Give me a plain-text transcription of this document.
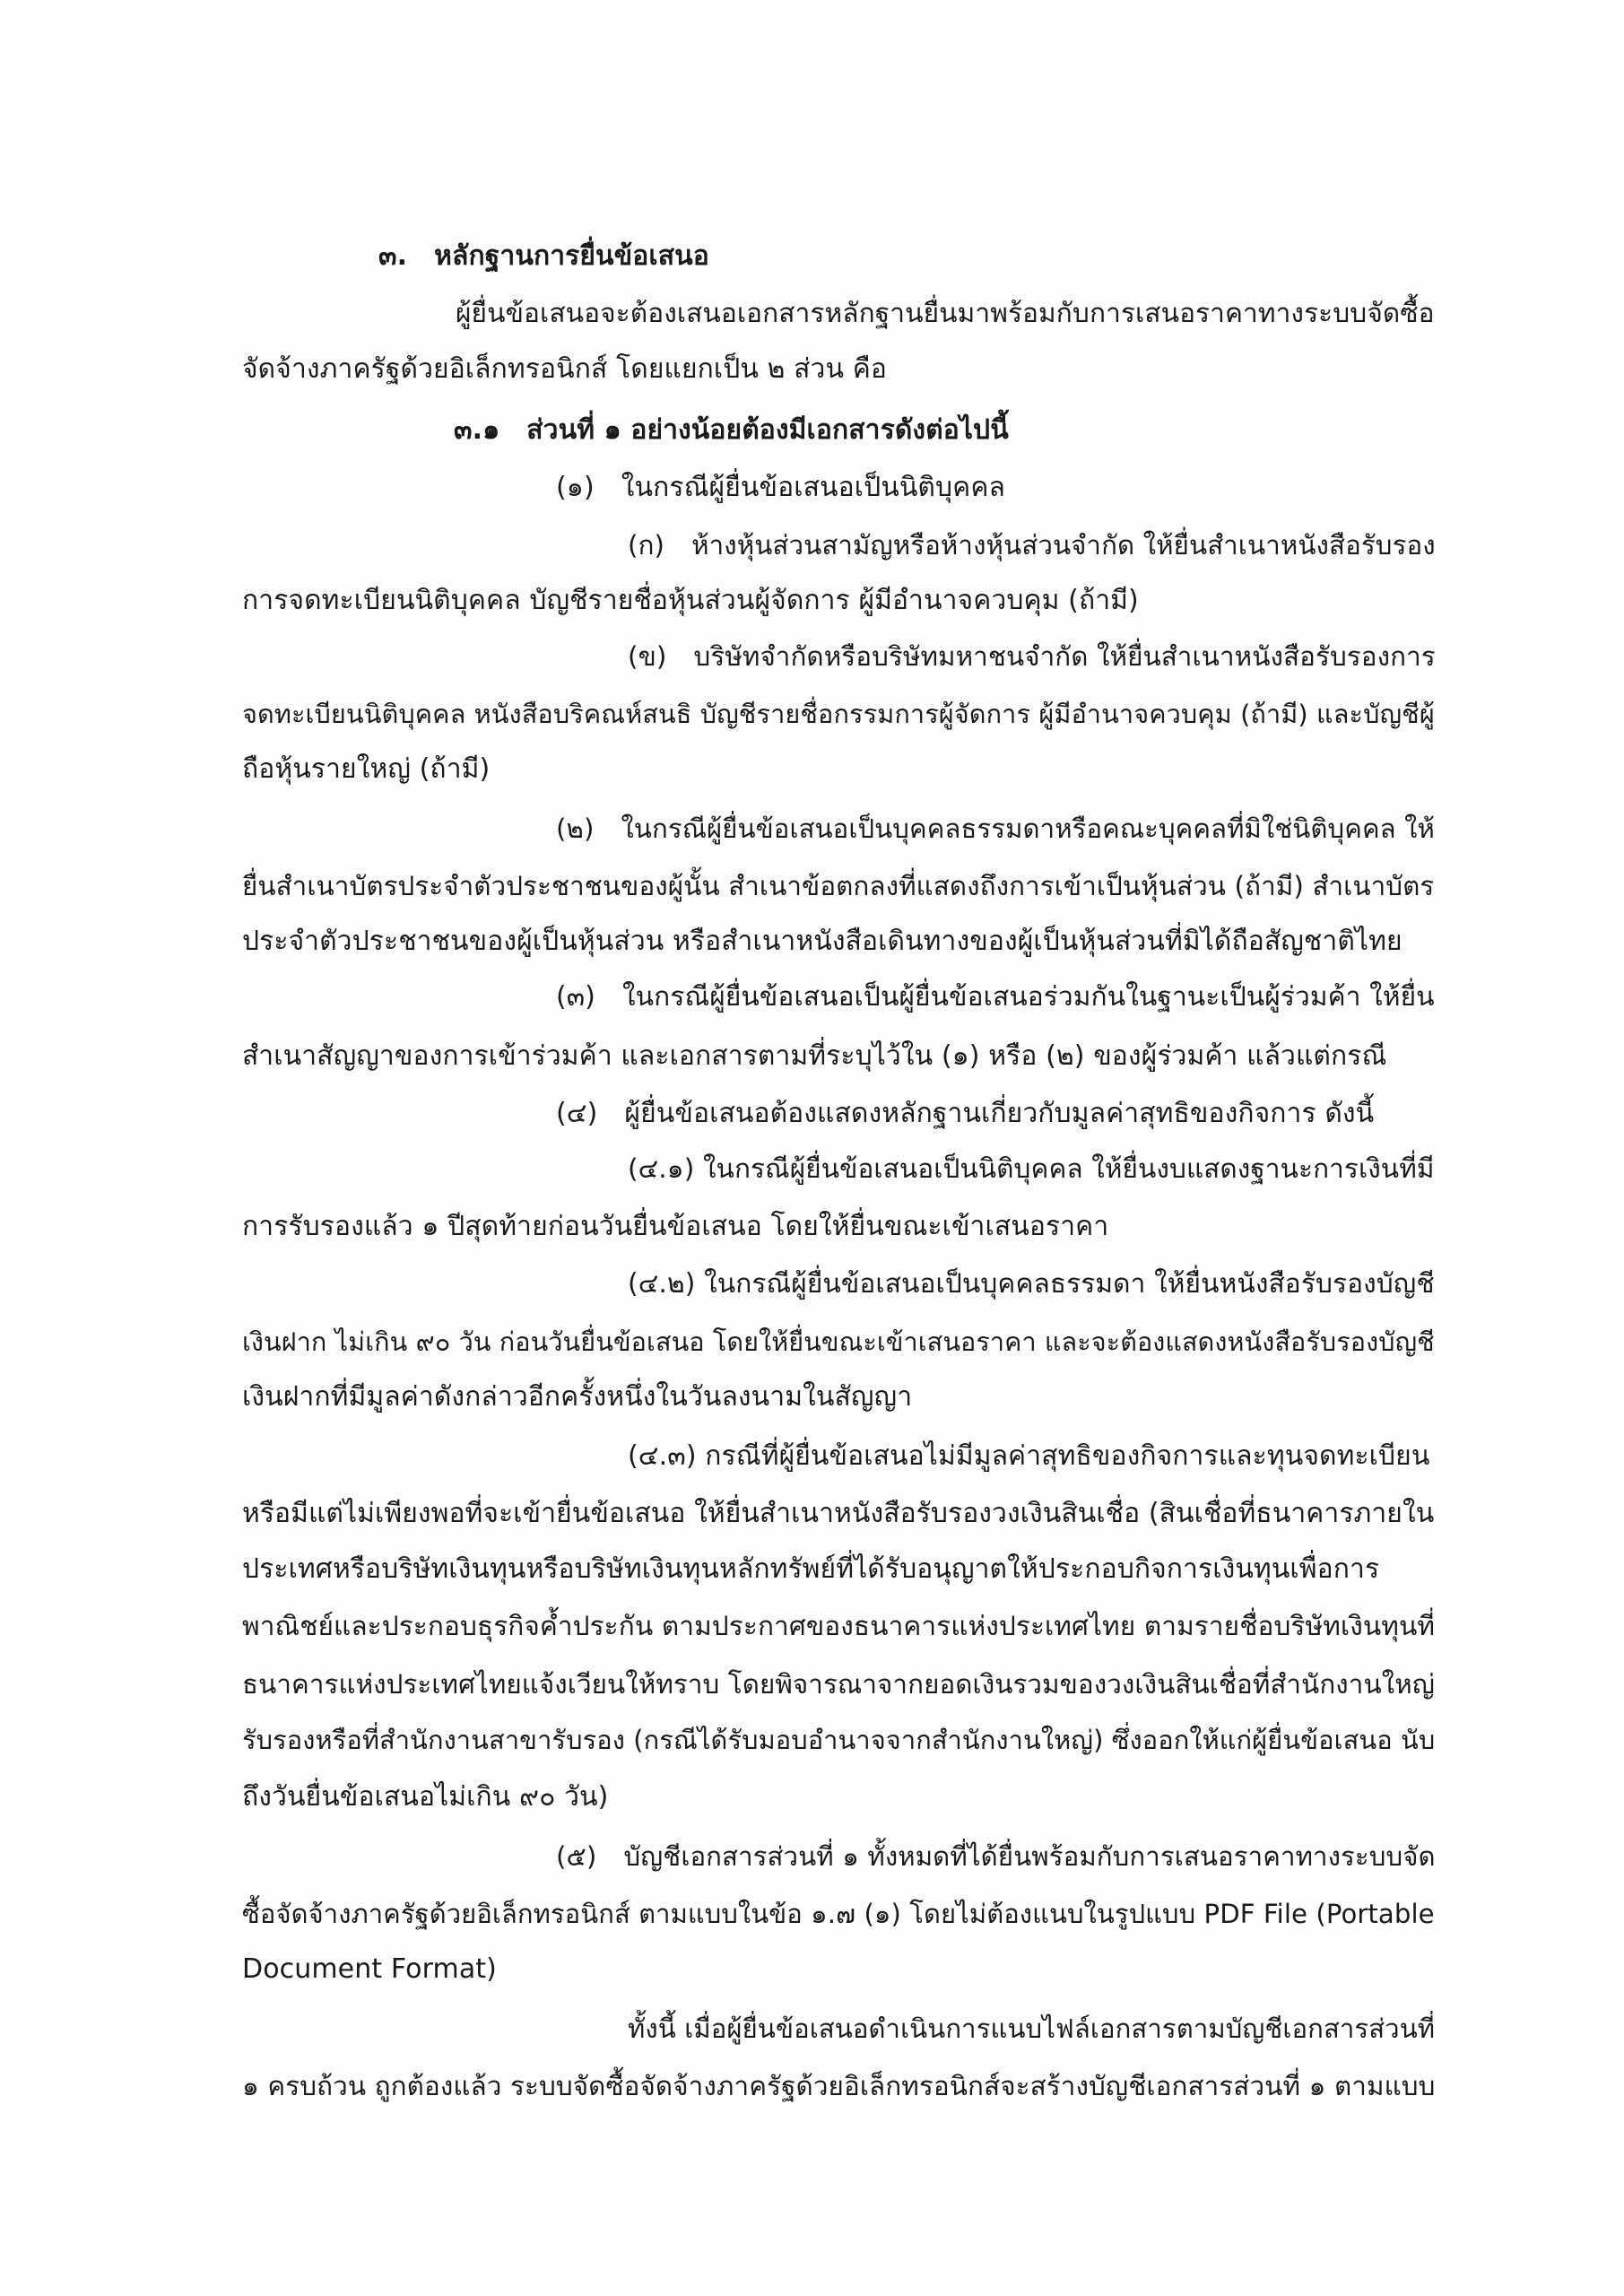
๓. หลักฐานการยื่นข้อเสนอ
ผู้ยื่นข้อเสนอจะต้องเสนอเอกสารหลักฐานยื่นมาพร้อมกับการเสนอราคาทางระบบจัดซื้อ
จัดจ้างภาครัฐด้วยอิเล็กทรอนิกส์ โดยแยกเป็น ๒ ส่วน คือ
๓.๑ ส่วนที่ ๑ อย่างน้อยต้องมีเอกสารดังต่อไปนี้
(๑) ในกรณีผู้ยื่นข้อเสนอเป็นนิติบุคคล
(ก) ห้างหุ้นส่วนสามัญหรือห้างหุ้นส่วนจำกัด ให้ยื่นสำเนาหนังสือรับรอง
การจดทะเบียนนิติบุคคล บัญชีรายชื่อหุ้นส่วนผู้จัดการ ผู้มีอำนาจควบคุม (ถ้ามี)
(ข) บริษัทจำกัดหรือบริษัทมหาชนจำกัด ให้ยื่นสำเนาหนังสือรับรองการ
จดทะเบียนนิติบุคคล หนังสือบริคณห์สนธิ บัญชีรายชื่อกรรมการผู้จัดการ ผู้มีอำนาจควบคุม (ถ้ามี) และบัญชีผู้
ถือหุ้นรายใหญ่ (ถ้ามี)
(๒) ในกรณีผู้ยื่นข้อเสนอเป็นบุคคลธรรมดาหรือคณะบุคคลที่มิใช่นิติบุคคล ให้
ยื่นสำเนาบัตรประจำตัวประชาชนของผู้นั้น สำเนาข้อตกลงที่แสดงถึงการเข้าเป็นหุ้นส่วน (ถ้ามี) สำเนาบัตร
ประจำตัวประชาชนของผู้เป็นหุ้นส่วน หรือสำเนาหนังสือเดินทางของผู้เป็นหุ้นส่วนที่มิได้ถือสัญชาติไทย
(๓) ในกรณีผู้ยื่นข้อเสนอเป็นผู้ยื่นข้อเสนอร่วมกันในฐานะเป็นผู้ร่วมค้า ให้ยื่น
สำเนาสัญญาของการเข้าร่วมค้า และเอกสารตามที่ระบุไว้ใน (๑) หรือ (๒) ของผู้ร่วมค้า แล้วแต่กรณี
(๔) ผู้ยื่นข้อเสนอต้องแสดงหลักฐานเกี่ยวกับมูลค่าสุทธิของกิจการ ดังนี้
(๔.๑) ในกรณีผู้ยื่นข้อเสนอเป็นนิติบุคคล ให้ยื่นงบแสดงฐานะการเงินที่มี
การรับรองแล้ว ๑ ปีสุดท้ายก่อนวันยื่นข้อเสนอ โดยให้ยื่นขณะเข้าเสนอราคา
(๔.๒) ในกรณีผู้ยื่นข้อเสนอเป็นบุคคลธรรมดา ให้ยื่นหนังสือรับรองบัญชี
เงินฝาก ไม่เกิน ๙๐ วัน ก่อนวันยื่นข้อเสนอ โดยให้ยื่นขณะเข้าเสนอราคา และจะต้องแสดงหนังสือรับรองบัญชี
เงินฝากที่มีมูลค่าดังกล่าวอีกครั้งหนึ่งในวันลงนามในสัญญา
(๔.๓) กรณีที่ผู้ยื่นข้อเสนอไม่มีมูลค่าสุทธิของกิจการและทุนจดทะเบียน
หรือมีแต่ไม่เพียงพอที่จะเข้ายื่นข้อเสนอ ให้ยื่นสำเนาหนังสือรับรองวงเงินสินเชื่อ (สินเชื่อที่ธนาคารภายใน
ประเทศหรือบริษัทเงินทุนหรือบริษัทเงินทุนหลักทรัพย์ที่ได้รับอนุญาตให้ประกอบกิจการเงินทุนเพื่อการ
พาณิชย์และประกอบธุรกิจค้ำประกัน ตามประกาศของธนาคารแห่งประเทศไทย ตามรายชื่อบริษัทเงินทุนที่
ธนาคารแห่งประเทศไทยแจ้งเวียนให้ทราบ โดยพิจารณาจากยอดเงินรวมของวงเงินสินเชื่อที่สำนักงานใหญ่
รับรองหรือที่สำนักงานสาขารับรอง (กรณีได้รับมอบอำนาจจากสำนักงานใหญ่) ซึ่งออกให้แก่ผู้ยื่นข้อเสนอ นับ
ถึงวันยื่นข้อเสนอไม่เกิน ๙๐ วัน)
(๕) บัญชีเอกสารส่วนที่ ๑ ทั้งหมดที่ได้ยื่นพร้อมกับการเสนอราคาทางระบบจัด
ซื้อจัดจ้างภาครัฐด้วยอิเล็กทรอนิกส์ ตามแบบในข้อ ๑.๗ (๑) โดยไม่ต้องแนบในรูปแบบ PDF File (Portable
Document Format)
ทั้งนี้ เมื่อผู้ยื่นข้อเสนอดำเนินการแนบไฟล์เอกสารตามบัญชีเอกสารส่วนที่
๑ ครบถ้วน ถูกต้องแล้ว ระบบจัดซื้อจัดจ้างภาครัฐด้วยอิเล็กทรอนิกส์จะสร้างบัญชีเอกสารส่วนที่ ๑ ตามแบบ
